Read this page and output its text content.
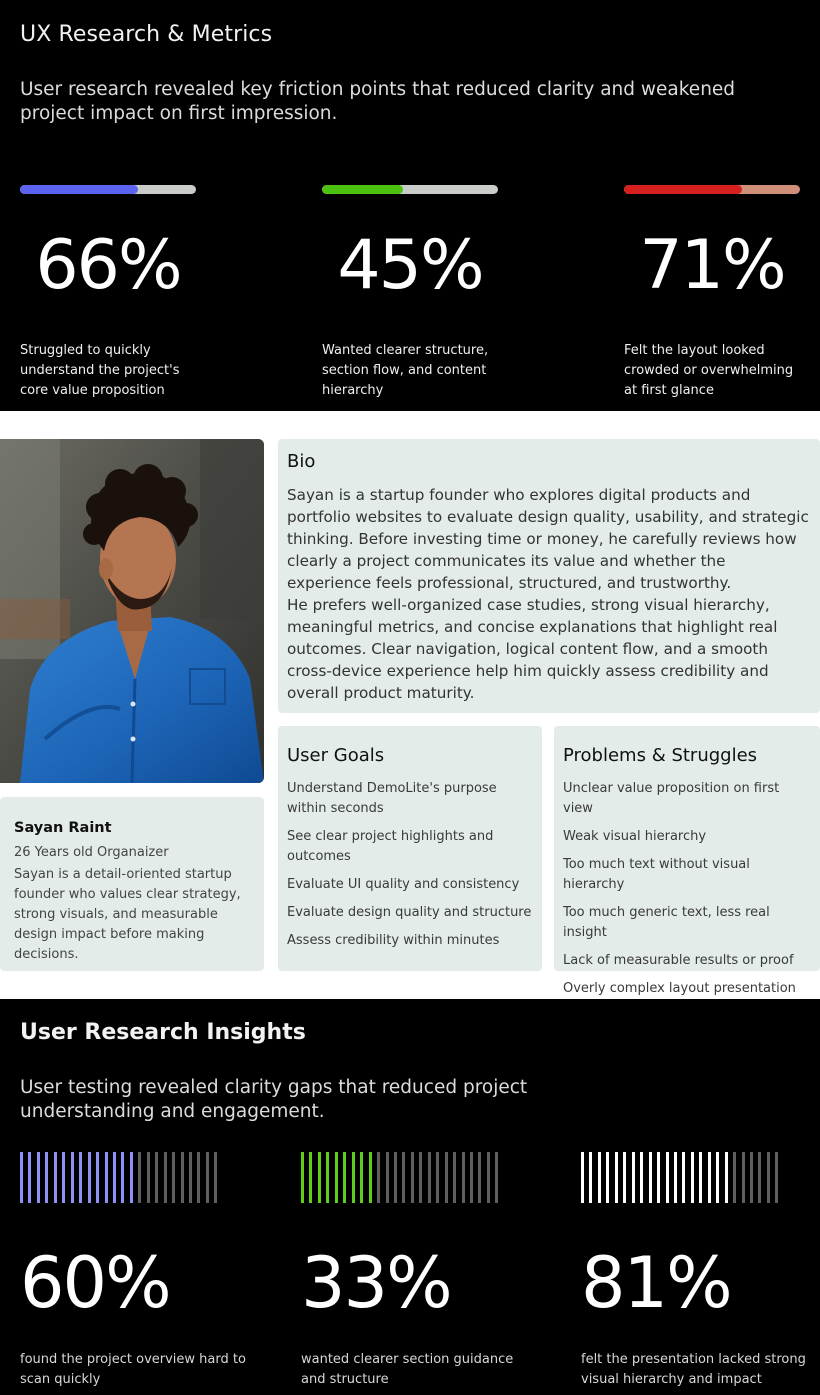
UX Research & Metrics

User research revealed key friction points that reduced clarity and weakened project impact on first impression.

66%

Struggled to quickly understand the project's core value proposition

45%

Wanted clearer structure, section flow, and content hierarchy

71%

Felt the layout looked crowded or overwhelming at first glance

Bio

Sayan is a startup founder who explores digital products and portfolio websites to evaluate design quality, usability, and strategic thinking. Before investing time or money, he carefully reviews how clearly a project communicates its value and whether the experience feels professional, structured, and trustworthy.

He prefers well-organized case studies, strong visual hierarchy, meaningful metrics, and concise explanations that highlight real outcomes. Clear navigation, logical content flow, and a smooth cross-device experience help him quickly assess credibility and overall product maturity.

Sayan Raint
26 Years old Organaizer

Sayan is a detail-oriented startup founder who values clear strategy, strong visuals, and measurable design impact before making decisions.

User Goals
Understand DemoLite's purpose within seconds
See clear project highlights and outcomes
Evaluate UI quality and consistency
Evaluate design quality and structure
Assess credibility within minutes
Problems & Struggles
Unclear value proposition on first view
Weak visual hierarchy
Too much text without visual hierarchy
Too much generic text, less real insight
Lack of measurable results or proof
Overly complex layout presentation
User Research Insights

User testing revealed clarity gaps that reduced project understanding and engagement.

60%

found the project overview hard to scan quickly

33%

wanted clearer section guidance and structure

81%

felt the presentation lacked strong visual hierarchy and impact
